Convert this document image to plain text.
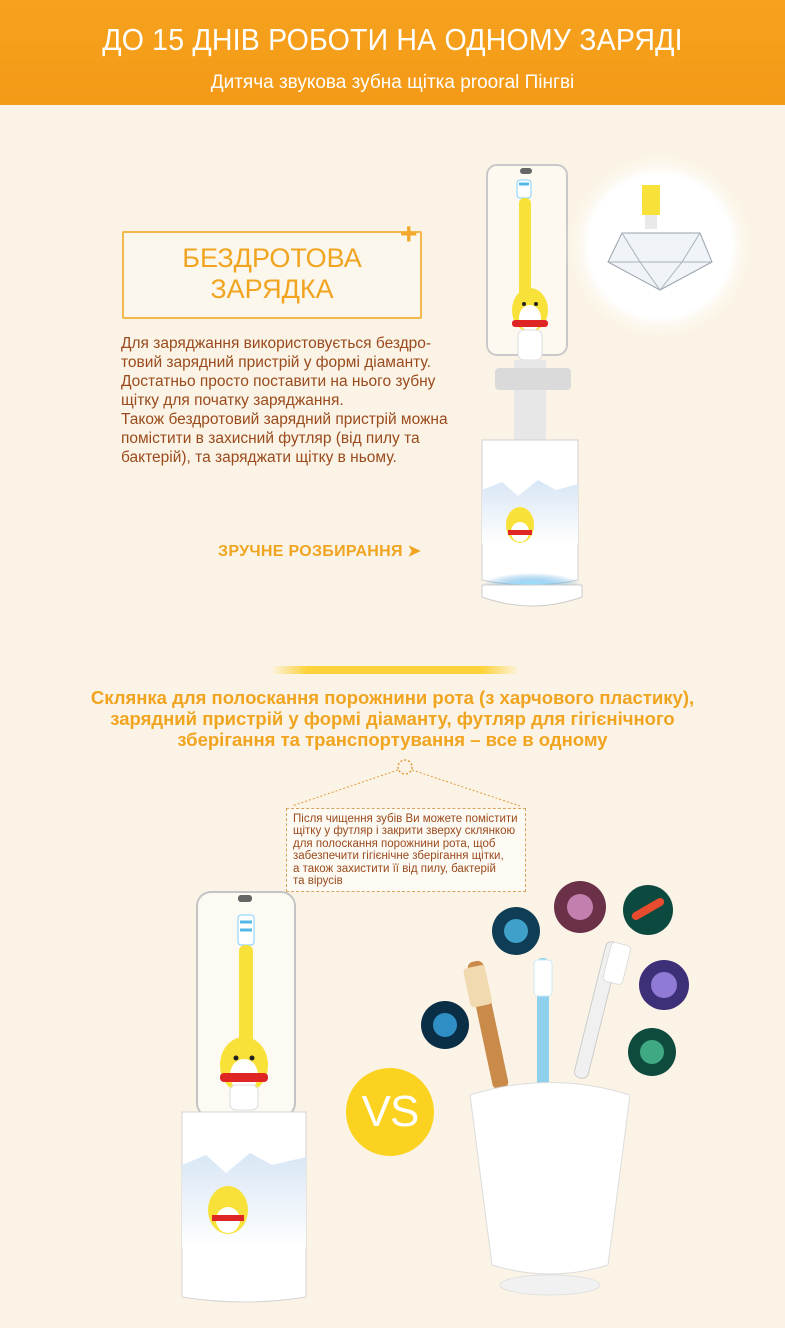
ДО 15 ДНІВ РОБОТИ НА ОДНОМУ ЗАРЯДІ
Дитяча звукова зубна щітка prooral Пінгві
БЕЗДРОТОВА
ЗАРЯДКА
+

Для заряджання використовується бездро-

товий зарядний пристрій у формі діаманту.

Достатньо просто поставити на нього зубну

щітку для початку заряджання.

Також бездротовий зарядний пристрій можна

помістити в захисний футляр (від пилу та

бактерій), та заряджати щітку в ньому.

ЗРУЧНЕ РОЗБИРАННЯ ➤
Склянка для полоскання порожнини рота (з харчового пластику),
зарядний пристрій у формі діаманту, футляр для гігієнічного
зберігання та транспортування – все в одному
Після чищення зубів Ви можете помістити
щітку у футляр і закрити зверху склянкою
для полоскання порожнини рота, щоб
забезпечити гігієнічне зберігання щітки,
а також захистити її від пилу, бактерій
та вірусів
VS
